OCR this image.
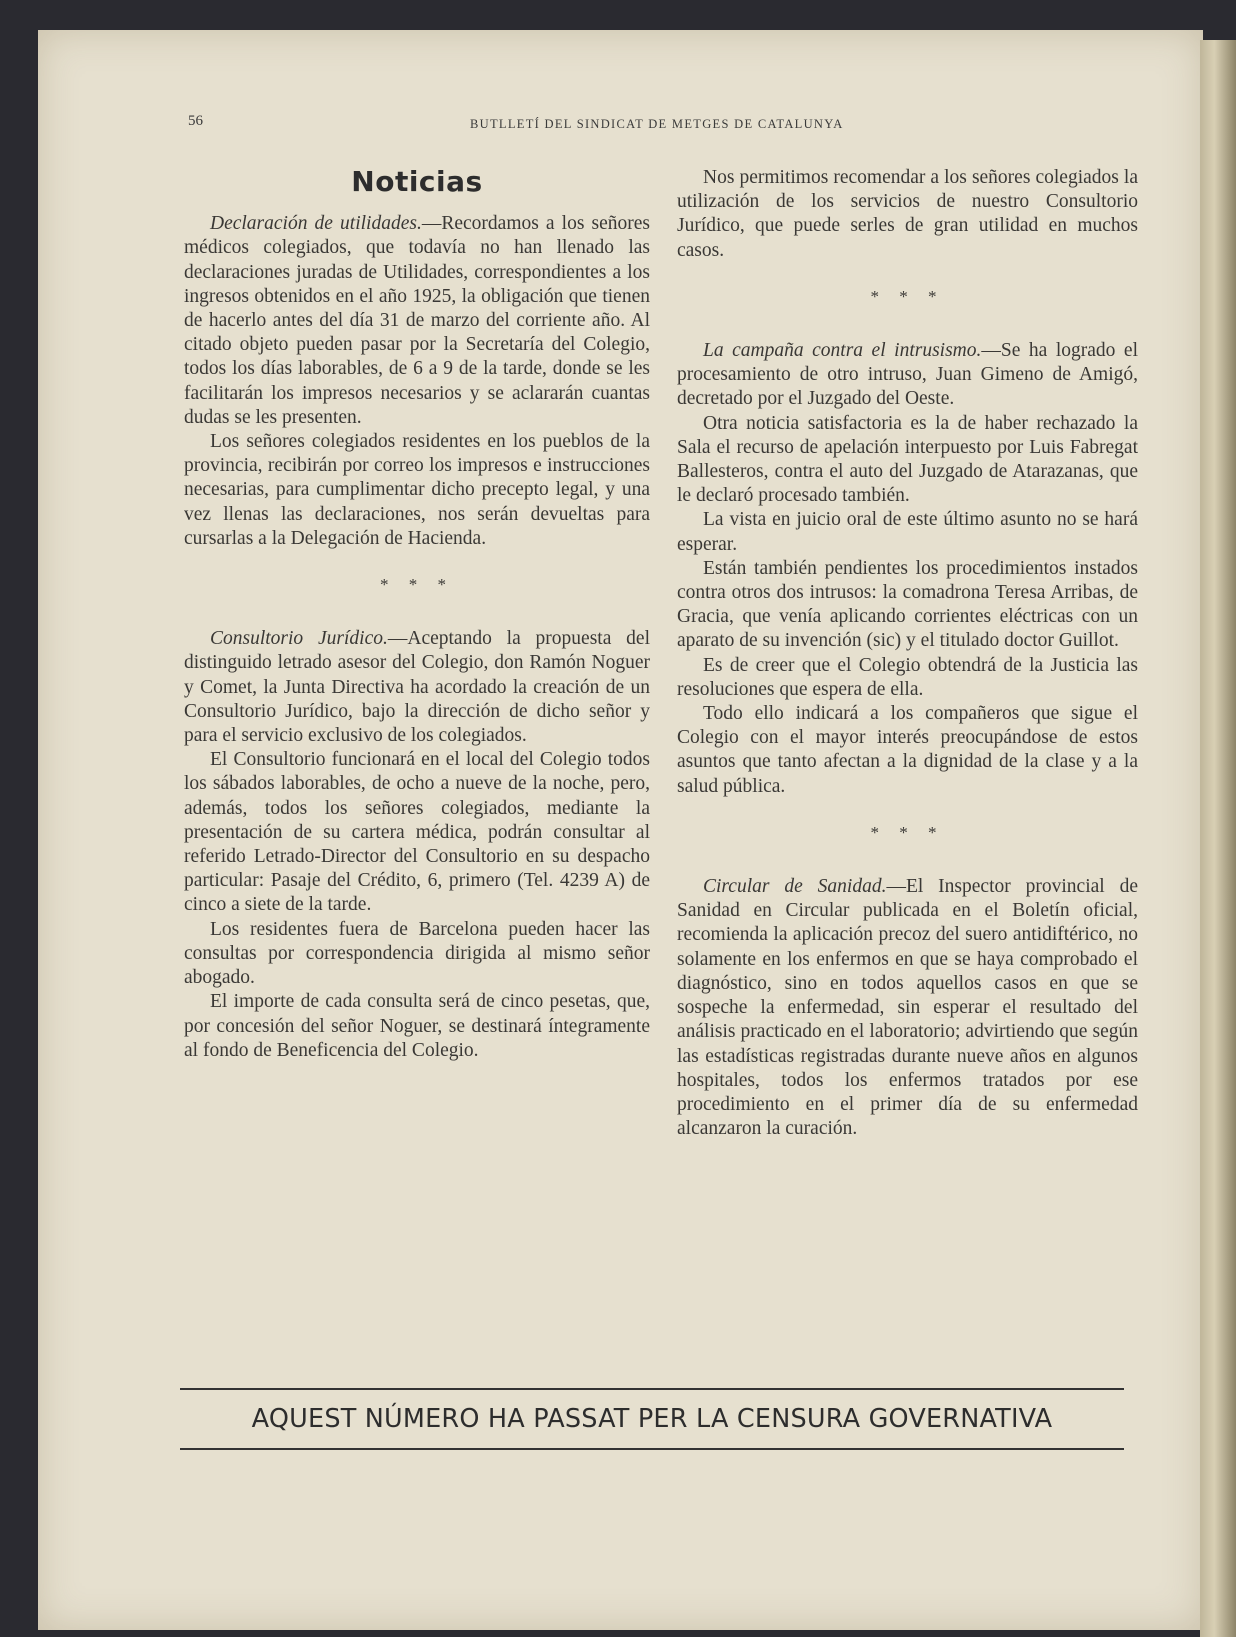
56	BUTLLETÍ DEL SINDICAT DE METGES DE CATALUNYA
Noticias

Declaración de utilidades.—Recordamos a los señores médicos colegiados, que todavía no han llenado las declaraciones juradas de Utilidades, correspondientes a los ingresos obtenidos en el año 1925, la obligación que tienen de hacerlo antes del día 31 de marzo del corriente año. Al citado objeto pueden pasar por la Secretaría del Colegio, todos los días laborables, de 6 a 9 de la tarde, donde se les facilitarán los impresos necesarios y se aclararán cuantas dudas se les presenten.

Los señores colegiados residentes en los pueblos de la provincia, recibirán por correo los impresos e instrucciones necesarias, para cumplimentar dicho precepto legal, y una vez llenas las declaraciones, nos serán devueltas para cursarlas a la Delegación de Hacienda.

* * *

Consultorio Jurídico.—Aceptando la propuesta del distinguido letrado asesor del Colegio, don Ramón Noguer y Comet, la Junta Directiva ha acordado la creación de un Consultorio Jurídico, bajo la dirección de dicho señor y para el servicio exclusivo de los colegiados.

El Consultorio funcionará en el local del Colegio todos los sábados laborables, de ocho a nueve de la noche, pero, además, todos los señores colegiados, mediante la presentación de su cartera médica, podrán consultar al referido Letrado-Director del Consultorio en su despacho particular: Pasaje del Crédito, 6, primero (Tel. 4239 A) de cinco a siete de la tarde.

Los residentes fuera de Barcelona pueden hacer las consultas por correspondencia dirigida al mismo señor abogado.

El importe de cada consulta será de cinco pesetas, que, por concesión del señor Noguer, se destinará íntegramente al fondo de Beneficencia del Colegio.

Nos permitimos recomendar a los señores colegiados la utilización de los servicios de nuestro Consultorio Jurídico, que puede serles de gran utilidad en muchos casos.

* * *

La campaña contra el intrusismo.—Se ha logrado el procesamiento de otro intruso, Juan Gimeno de Amigó, decretado por el Juzgado del Oeste.

Otra noticia satisfactoria es la de haber rechazado la Sala el recurso de apelación interpuesto por Luis Fabregat Ballesteros, contra el auto del Juzgado de Atarazanas, que le declaró procesado también.

La vista en juicio oral de este último asunto no se hará esperar.

Están también pendientes los procedimientos instados contra otros dos intrusos: la comadrona Teresa Arribas, de Gracia, que venía aplicando corrientes eléctricas con un aparato de su invención (sic) y el titulado doctor Guillot.

Es de creer que el Colegio obtendrá de la Justicia las resoluciones que espera de ella.

Todo ello indicará a los compañeros que sigue el Colegio con el mayor interés preocupándose de estos asuntos que tanto afectan a la dignidad de la clase y a la salud pública.

* * *

Circular de Sanidad.—El Inspector provincial de Sanidad en Circular publicada en el Boletín oficial, recomienda la aplicación precoz del suero antidiftérico, no solamente en los enfermos en que se haya comprobado el diagnóstico, sino en todos aquellos casos en que se sospeche la enfermedad, sin esperar el resultado del análisis practicado en el laboratorio; advirtiendo que según las estadísticas registradas durante nueve años en algunos hospitales, todos los enfermos tratados por ese procedimiento en el primer día de su enfermedad alcanzaron la curación.

AQUEST NÚMERO HA PASSAT PER LA CENSURA GOVERNATIVA
